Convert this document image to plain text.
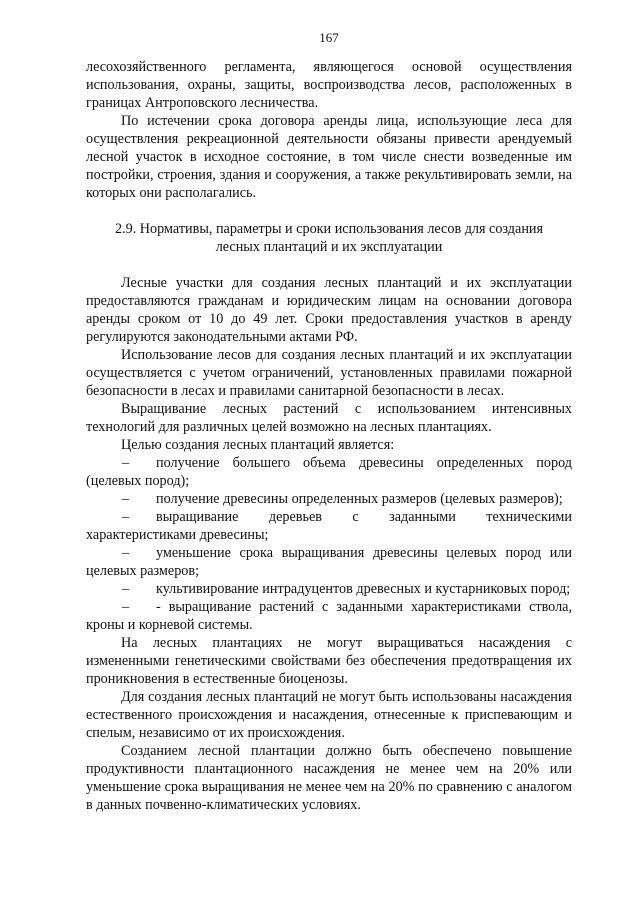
167

лесохозяйственного регламента, являющегося основой осуществления использования, охраны, защиты, воспроизводства лесов, расположенных в границах Антроповского лесничества.

По истечении срока договора аренды лица, использующие леса для осуществления рекреационной деятельности обязаны привести арендуемый лесной участок в исходное состояние, в том числе снести возведенные им постройки, строения, здания и сооружения, а также рекультивировать земли, на которых они располагались.

2.9. Нормативы, параметры и сроки использования лесов для создания
лесных плантаций и их эксплуатации

Лесные участки для создания лесных плантаций и их эксплуатации предоставляются гражданам и юридическим лицам на основании договора аренды сроком от 10 до 49 лет. Сроки предоставления участков в аренду регулируются законодательными актами РФ.

Использование лесов для создания лесных плантаций и их эксплуатации осуществляется с учетом ограничений, установленных правилами пожарной безопасности в лесах и правилами санитарной безопасности в лесах.

Выращивание лесных растений с использованием интенсивных технологий для различных целей возможно на лесных плантациях.

Целью создания лесных плантаций является:

– получение большего объема древесины определенных пород (целевых пород);
– получение древесины определенных размеров (целевых размеров);
– выращивание деревьев с заданными техническими характеристиками древесины;
– уменьшение срока выращивания древесины целевых пород или целевых размеров;
– культивирование интрадуцентов древесных и кустарниковых пород;
– - выращивание растений с заданными характеристиками ствола, кроны и корневой системы.

На лесных плантациях не могут выращиваться насаждения с измененными генетическими свойствами без обеспечения предотвращения их проникновения в естественные биоценозы.

Для создания лесных плантаций не могут быть использованы насаждения естественного происхождения и насаждения, отнесенные к приспевающим и спелым, независимо от их происхождения.

Созданием лесной плантации должно быть обеспечено повышение продуктивности плантационного насаждения не менее чем на 20% или уменьшение срока выращивания не менее чем на 20% по сравнению с аналогом в данных почвенно-климатических условиях.
